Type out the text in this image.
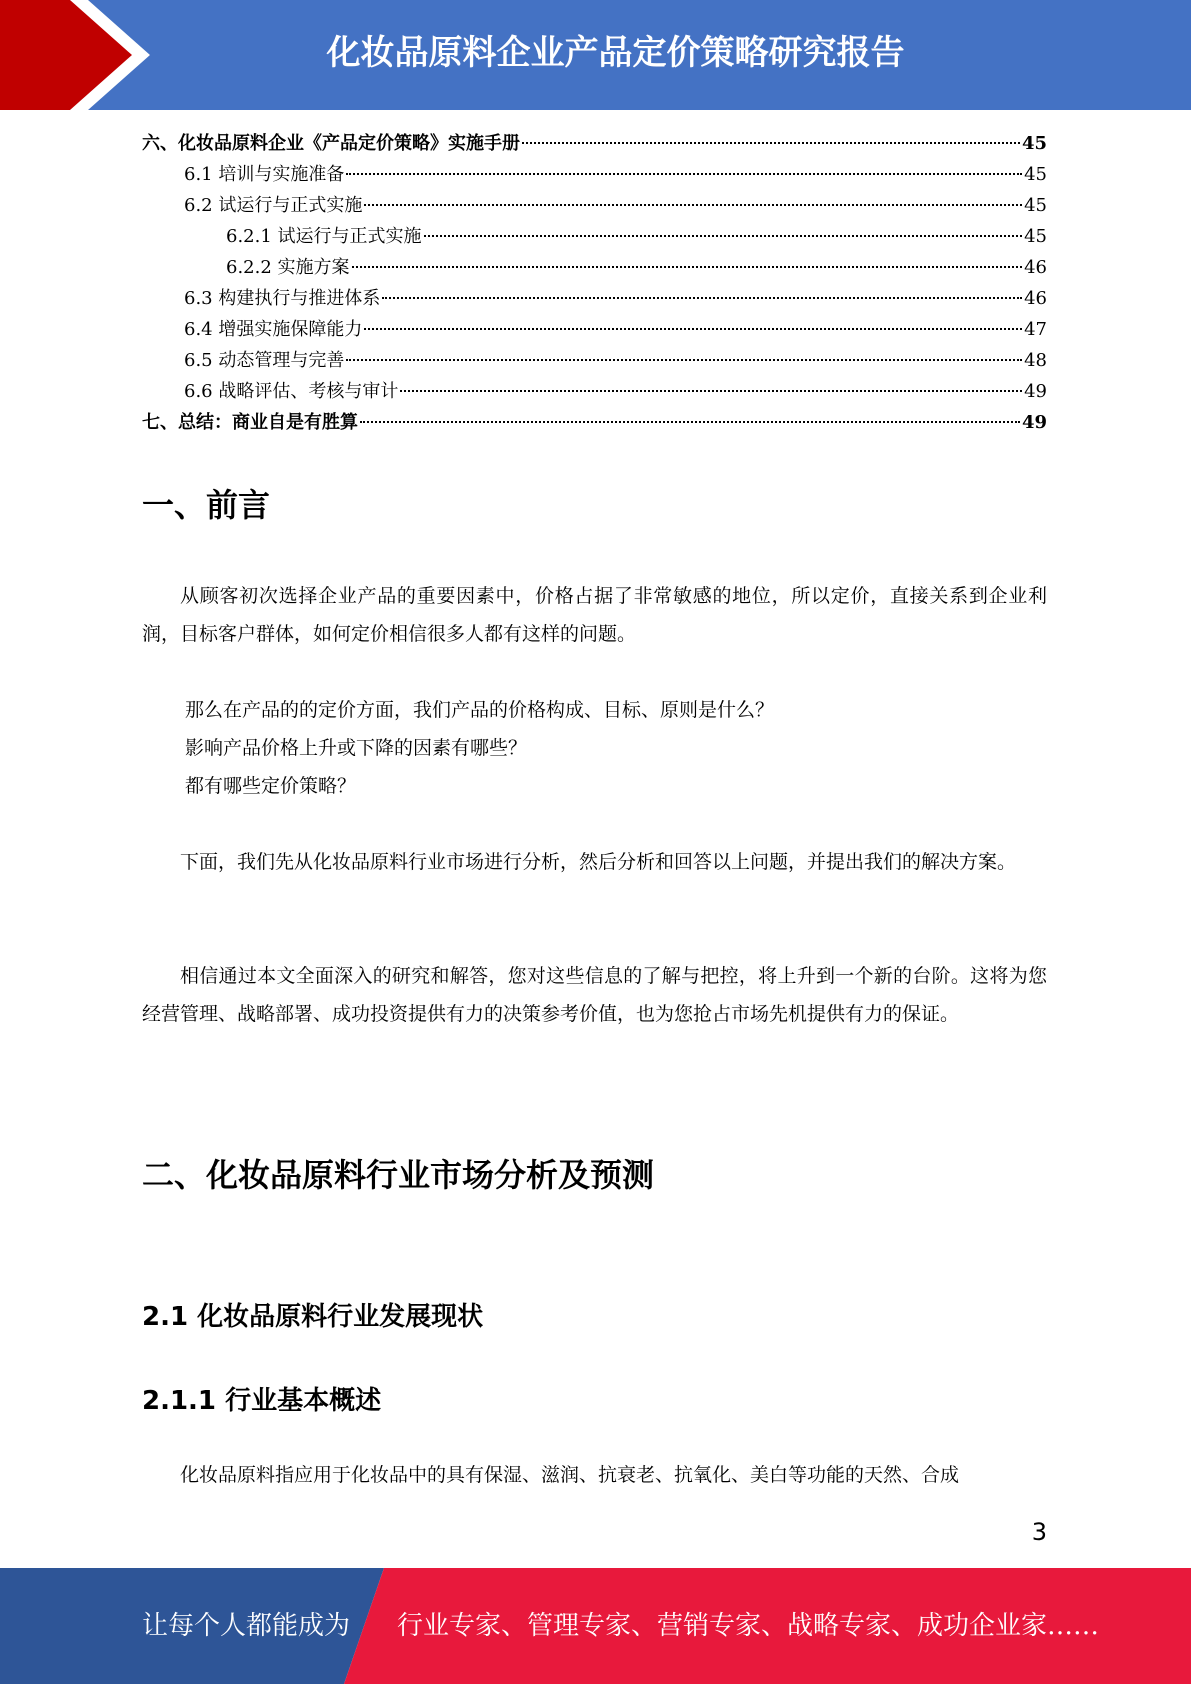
化妆品原料企业产品定价策略研究报告
六、化妆品原料企业《产品定价策略》实施手册	45
6.1 培训与实施准备	45
6.2 试运行与正式实施	45
6.2.1 试运行与正式实施	45
6.2.2 实施方案	46
6.3 构建执行与推进体系	46
6.4 增强实施保障能力	47
6.5 动态管理与完善	48
6.6 战略评估、考核与审计	49
七、总结：商业自是有胜算	49
一、前言

从顾客初次选择企业产品的重要因素中，价格占据了非常敏感的地位，所以定价，直接关系到企业利润，目标客户群体，如何定价相信很多人都有这样的问题。

那么在产品的的定价方面，我们产品的价格构成、目标、原则是什么？
影响产品价格上升或下降的因素有哪些？
都有哪些定价策略？

下面，我们先从化妆品原料行业市场进行分析，然后分析和回答以上问题，并提出我们的解决方案。

相信通过本文全面深入的研究和解答，您对这些信息的了解与把控，将上升到一个新的台阶。这将为您经营管理、战略部署、成功投资提供有力的决策参考价值，也为您抢占市场先机提供有力的保证。

二、化妆品原料行业市场分析及预测
2.1 化妆品原料行业发展现状
2.1.1 行业基本概述

化妆品原料指应用于化妆品中的具有保湿、滋润、抗衰老、抗氧化、美白等功能的天然、合成

3
让每个人都能成为 行业专家、管理专家、营销专家、战略专家、成功企业家……
